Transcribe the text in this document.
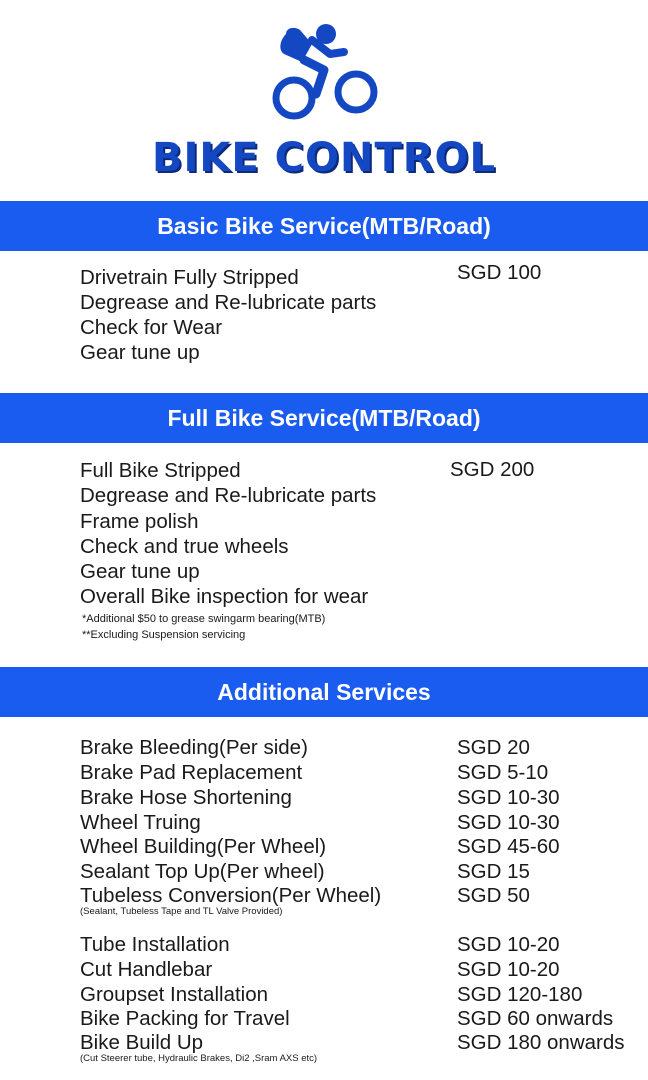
BIKE CONTROL
Basic Bike Service(MTB/Road)
Drivetrain Fully Stripped
Degrease and Re-lubricate parts
Check for Wear
Gear tune up
SGD 100
Full Bike Service(MTB/Road)
Full Bike Stripped
Degrease and Re-lubricate parts
Frame polish
Check and true wheels
Gear tune up
Overall Bike inspection for wear
*Additional $50 to grease swingarm bearing(MTB)
**Excluding Suspension servicing
SGD 200
Additional Services
Brake Bleeding(Per side)	SGD 20
Brake Pad Replacement	SGD 5-10
Brake Hose Shortening	SGD 10-30
Wheel Truing	SGD 10-30
Wheel Building(Per Wheel)	SGD 45-60
Sealant Top Up(Per wheel)	SGD 15
Tubeless Conversion(Per Wheel)	SGD 50
(Sealant, Tubeless Tape and TL Valve Provided)
Tube Installation	SGD 10-20
Cut Handlebar	SGD 10-20
Groupset Installation	SGD 120-180
Bike Packing for Travel	SGD 60 onwards
Bike Build Up	SGD 180 onwards
(Cut Steerer tube, Hydraulic Brakes, Di2 ,Sram AXS etc)
